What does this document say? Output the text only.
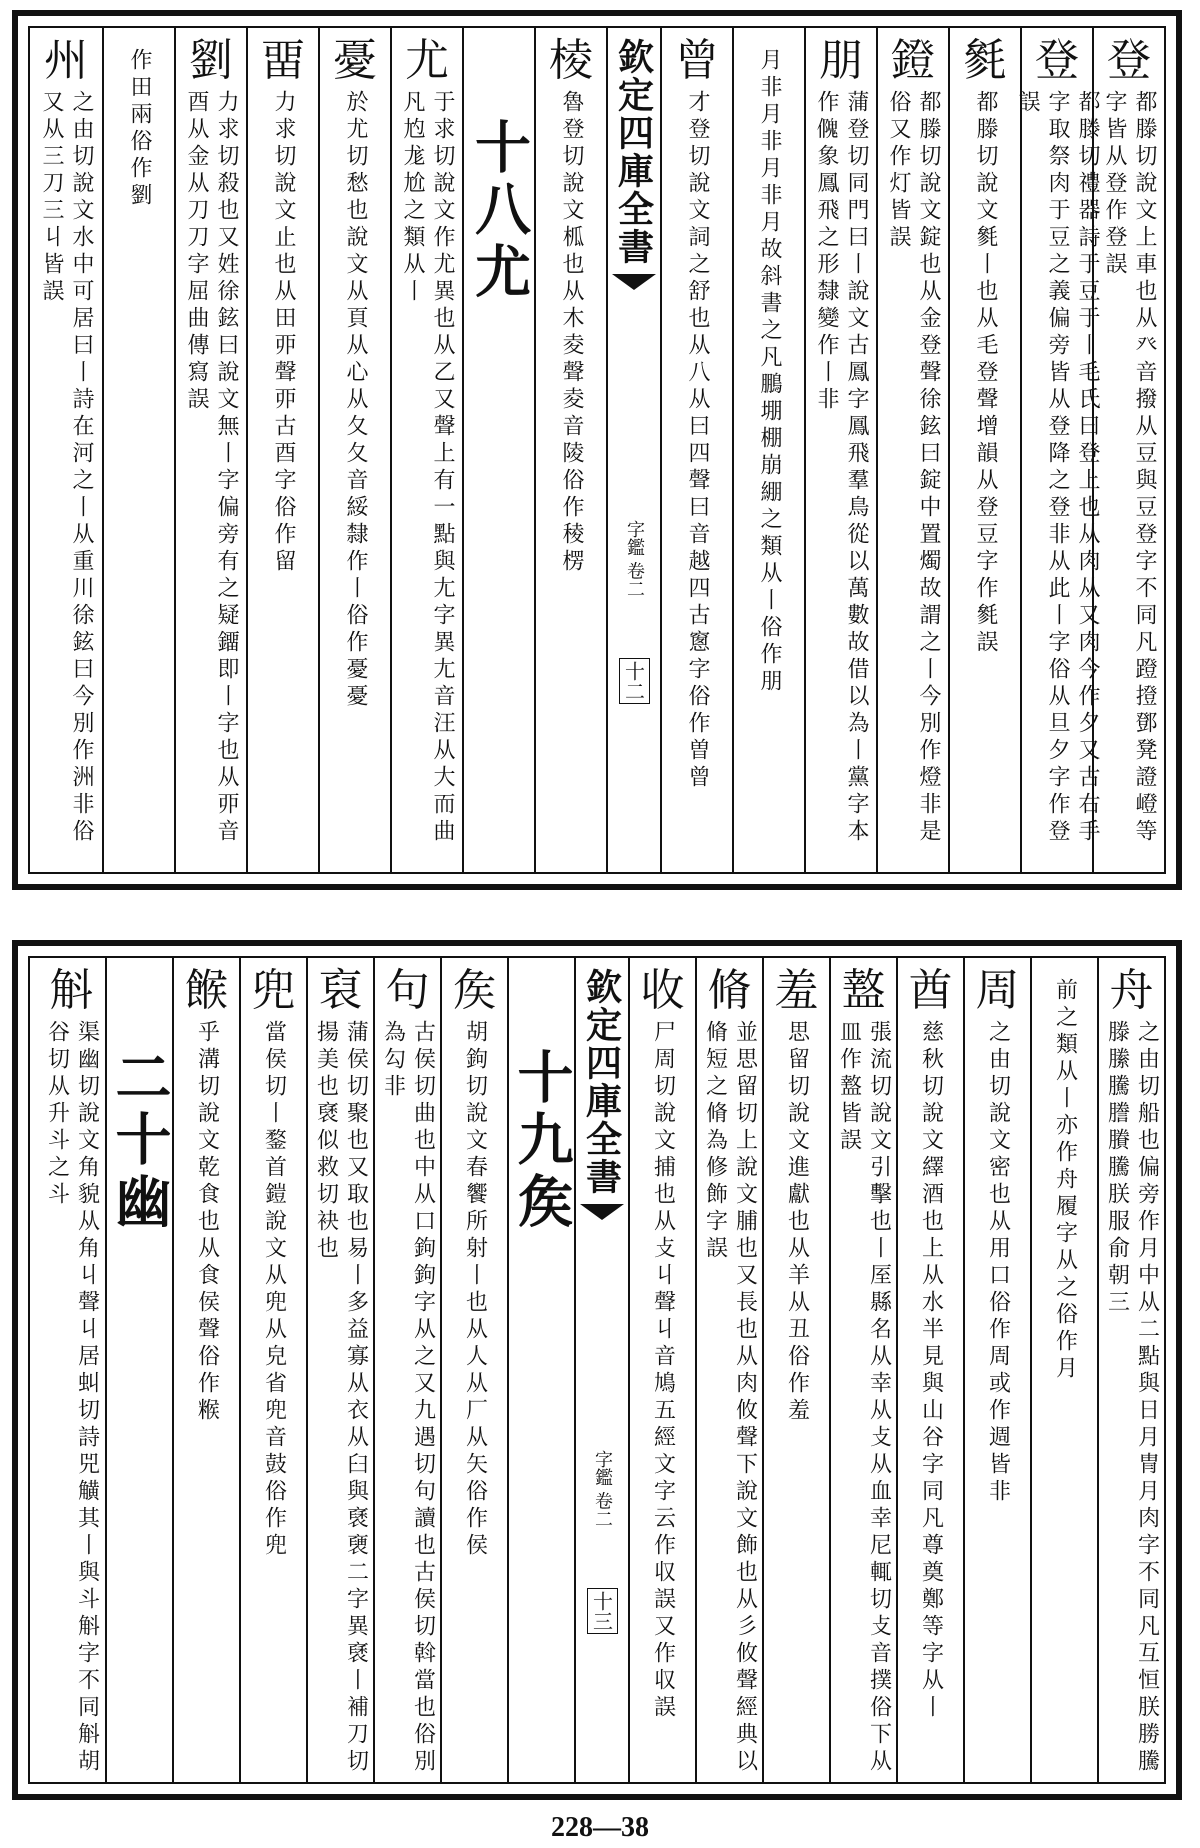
登
都滕切說文上車也从癶音撥从豆與豆登字不同凡蹬撜鄧凳證嶝等字皆从登作登誤
登
都滕切禮器詩于豆于丨毛氏曰登上也从肉从又肉今作夕又古右手字取祭肉于豆之義偏旁皆从登降之登非从此丨字俗从旦夕字作登誤
毿
都滕切說文毿丨也从毛登聲增韻从登豆字作毿誤
鐙
都滕切說文錠也从金登聲徐鉉曰錠中置燭故謂之丨今別作燈非是俗又作灯皆誤
朋
蒲登切同門曰丨說文古鳳字鳳飛羣鳥從以萬數故借以為丨黨字本作𠏁象鳳飛之形隸變作丨非
月非月非月非月故斜書之凡鵬堋棚崩綳之類从丨俗作朋
曾
才登切說文詞之舒也从八从曰四聲曰音越四古窻字俗作曽曾
欽定四庫全書
字鑑 卷二
十二
棱
魯登切說文柧也从木夌聲夌音陵俗作稜楞
十八尤
尤
于求切說文作尤異也从乙又聲上有一點與尢字異尢音汪从大而曲凡尥尨尬之類从丨
憂
於尤切愁也說文从頁从心从夂夂音綏隸作丨俗作憂憂
畱
力求切說文止也从田丣聲丣古酉字俗作留
劉
力求切殺也又姓徐鉉曰說文無丨字偏旁有之疑鐂即丨字也从丣音酉从金从刀刀字屈曲傳寫誤
作田兩俗作劉
州
之由切說文水中可居曰丨詩在河之丨从重川徐鉉曰今別作洲非俗又从三刀三丩皆誤
舟
之由切船也偏旁作月中从二點與日月冑月肉字不同凡互恒朕勝騰滕縢騰謄賸騰朕服俞朝三
前之類从丨亦作舟履字从之俗作月
周
之由切說文密也从用口俗作周或作週皆非
酋
慈秋切說文繹酒也上从水半見與山谷字同凡尊奠鄭等字从丨
盩
張流切說文引擊也丨厔縣名从幸从攴从血幸尼輒切攴音撲俗下从皿作盩皆誤
羞
思留切說文進獻也从羊从丑俗作羞
脩
並思留切上說文脯也又長也从肉攸聲下說文飾也从彡攸聲經典以脩短之脩為修飾字誤
收
尸周切說文捕也从攴丩聲丩音鳩五經文字云作収誤又作収誤
欽定四庫全書
字鑑 卷二
十三
十九矦
矦
胡鉤切說文春饗所射丨也从人从厂从矢俗作侯
句
古侯切曲也中从口鉤鉤字从之又九遇切句讀也古侯切斡當也俗別為勾非
裒
蒲侯切聚也又取也易丨多益寡从衣从臼與褎褏二字異褎丨補刀切揚美也褎似救切袂也
兜
當侯切丨鍪首鎧說文从兜从皃省兜音鼓俗作兜
餱
乎溝切說文乾食也从食侯聲俗作糇
二十幽
斛
渠幽切說文角貌从角丩聲丩居虯切詩兕觵其丨與斗斛字不同斛胡谷切从升斗之斗
228—38
